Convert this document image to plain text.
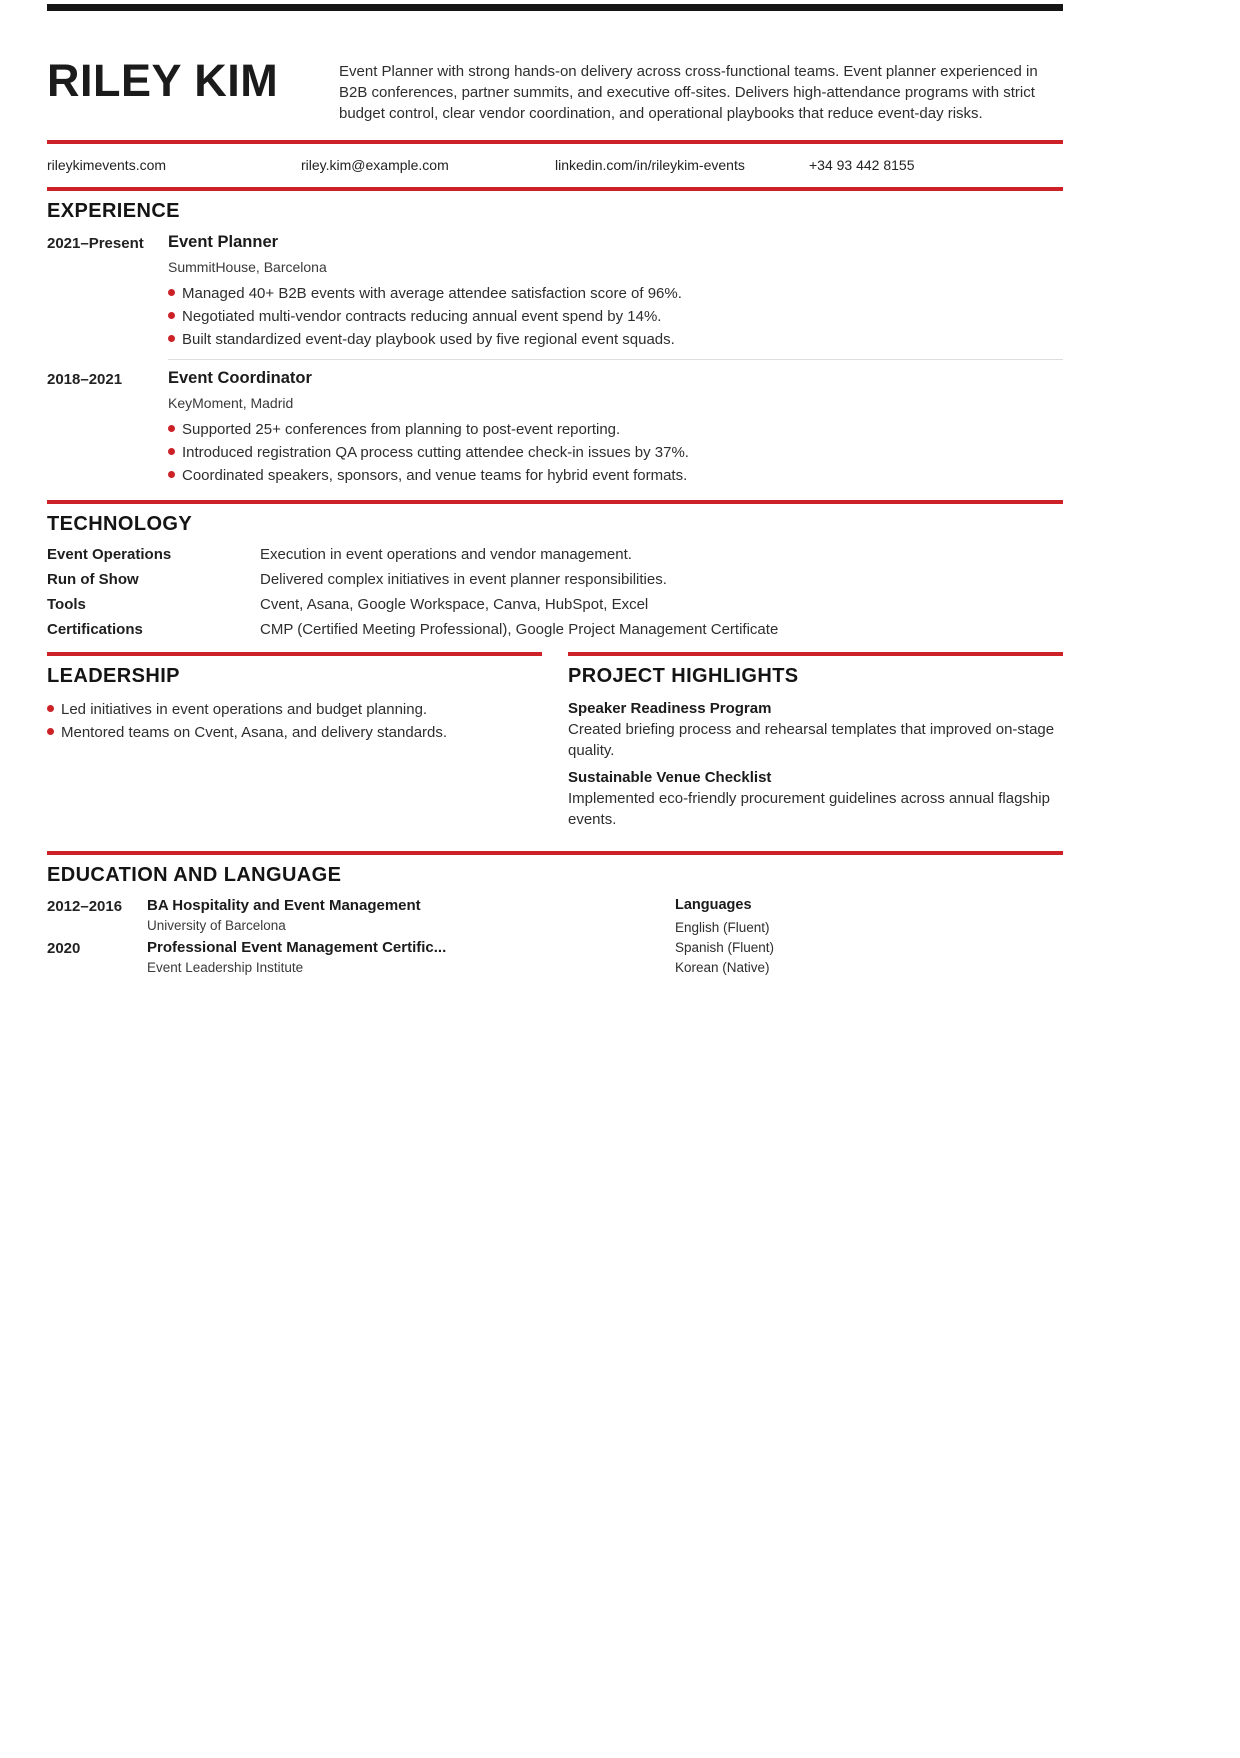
RILEY KIM	Event Planner with strong hands-on delivery across cross-functional teams. Event planner experienced in B2B conferences, partner summits, and executive off-sites. Delivers high-attendance programs with strict budget control, clear vendor coordination, and operational playbooks that reduce event-day risks.
rileykimevents.com	riley.kim@example.com	linkedin.com/in/rileykim-events	+34 93 442 8155
EXPERIENCE
2021–Present	Event Planner
SummitHouse, Barcelona
Managed 40+ B2B events with average attendee satisfaction score of 96%.
Negotiated multi-vendor contracts reducing annual event spend by 14%.
Built standardized event-day playbook used by five regional event squads.
2018–2021	Event Coordinator
KeyMoment, Madrid
Supported 25+ conferences from planning to post-event reporting.
Introduced registration QA process cutting attendee check-in issues by 37%.
Coordinated speakers, sponsors, and venue teams for hybrid event formats.
TECHNOLOGY
Event Operations	Execution in event operations and vendor management.
Run of Show	Delivered complex initiatives in event planner responsibilities.
Tools	Cvent, Asana, Google Workspace, Canva, HubSpot, Excel
Certifications	CMP (Certified Meeting Professional), Google Project Management Certificate
LEADERSHIP
Led initiatives in event operations and budget planning.
Mentored teams on Cvent, Asana, and delivery standards.
PROJECT HIGHLIGHTS
Speaker Readiness Program
Created briefing process and rehearsal templates that improved on-stage quality.
Sustainable Venue Checklist
Implemented eco-friendly procurement guidelines across annual flagship events.
EDUCATION AND LANGUAGE
2012–2016	BA Hospitality and Event Management
University of Barcelona
2020	Professional Event Management Certific...
Event Leadership Institute
Languages
English (Fluent)
Spanish (Fluent)
Korean (Native)
